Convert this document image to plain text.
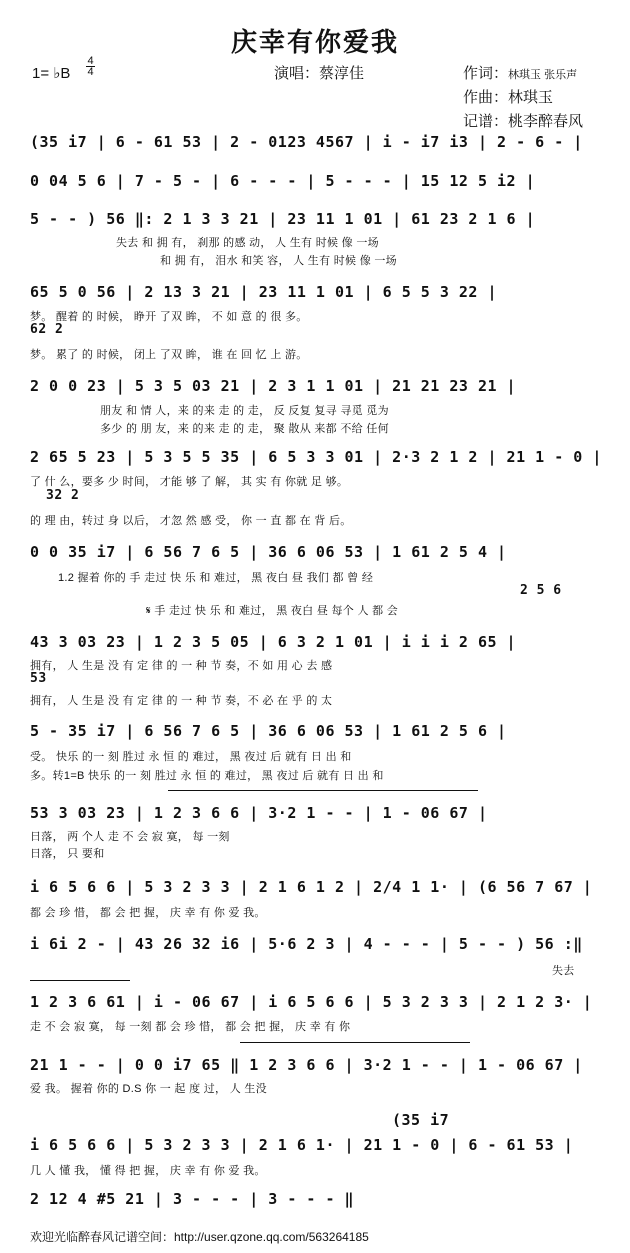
庆幸有你爱我
1= ♭B
4
4	演唱：蔡淳佳	作词：林琪玉 张乐声
作曲：林琪玉
记谱：桃李醉春风
(35 i7 | 6 - 61 53 | 2 - 0123 4567 | i - i7 i3 | 2 - 6 - |
0 04 5 6 | 7 - 5 - | 6 - - - | 5 - - - | 15 12 5 i2 |
5 - - ) 56 ‖: 2 1 3 3 21 | 23 11 1 01 | 61 23 2 1 6 |
失去 和 拥 有， 刹那 的感 动， 人 生有 时候 像 一场
和 拥 有， 泪水 和笑 容， 人 生有 时候 像 一场
65 5 0 56 | 2 13 3 21 | 23 11 1 01 | 6 5 5 3 22 |
梦。 醒着 的 时候， 睁开 了双 眸， 不 如 意 的 很 多。
62 2
梦。 累了 的 时候， 闭上 了双 眸， 谁 在 回 忆 上 游。
2 0 0 23 | 5 3 5 03 21 | 2 3 1 1 01 | 21 21 23 21 |
朋友 和 情 人，来 的来 走 的 走， 反 反复 复寻 寻觅 觅为
多少 的 朋 友，来 的来 走 的 走， 聚 散从 来都 不给 任何
2 65 5 23 | 5 3 5 5 35 | 6 5 3 3 01 | 2·3 2 1 2 | 21 1 - 0 |
了 什 么，要多 少 时间， 才能 够 了 解， 其 实 有 你就 足 够。
32 2
的 理 由，转过 身 以后， 才忽 然 感 受， 你 一 直 都 在 背 后。
0 0 35 i7 | 6 56 7 6 5 | 36 6 06 53 | 1 61 2 5 4 |
1.2 握着 你的 手 走过 快 乐 和 难过， 黑 夜白 昼 我们 都 曾 经
2 5 6
𝄋 手 走过 快 乐 和 难过， 黑 夜白 昼 每个 人 都 会
43 3 03 23 | 1 2 3 5 05 | 6 3 2 1 01 | i i i 2 65 |
拥有， 人 生是 没 有 定 律 的 一 种 节 奏，不 如 用 心 去 感
53
拥有， 人 生是 没 有 定 律 的 一 种 节 奏，不 必 在 乎 的 太
5 - 35 i7 | 6 56 7 6 5 | 36 6 06 53 | 1 61 2 5 6 |
受。 快乐 的一 刻 胜过 永 恒 的 难过， 黑 夜过 后 就有 日 出 和
多。转1=B 快乐 的一 刻 胜过 永 恒 的 难过， 黑 夜过 后 就有 日 出 和
53 3 03 23 | 1 2 3 6 6 | 3·2 1 - - | 1 - 06 67 |
日落， 两 个人 走 不 会 寂 寞， 每 一刻
日落， 只 要和
i 6 5 6 6 | 5 3 2 3 3 | 2 1 6 1 2 | 2/4 1 1· | (6 56 7 67 |
都 会 珍 惜， 都 会 把 握， 庆 幸 有 你 爱 我。
i 6i 2 - | 43 26 32 i6 | 5·6 2 3 | 4 - - - | 5 - - ) 56 :‖
失去
1 2 3 6 61 | i - 06 67 | i 6 5 6 6 | 5 3 2 3 3 | 2 1 2 3· |
走 不 会 寂 寞， 每 一刻 都 会 珍 惜， 都 会 把 握， 庆 幸 有 你
21 1 - - | 0 0 i7 65 ‖ 1 2 3 6 6 | 3·2 1 - - | 1 - 06 67 |
爱 我。 握着 你的 D.S 你 一 起 度 过， 人 生没
(35 i7
i 6 5 6 6 | 5 3 2 3 3 | 2 1 6 1· | 21 1 - 0 | 6 - 61 53 |
几 人 懂 我， 懂 得 把 握， 庆 幸 有 你 爱 我。
2 12 4 #5 21 | 3 - - - | 3 - - - ‖
欢迎光临醉春风记谱空间：http://user.qzone.qq.com/563264185
